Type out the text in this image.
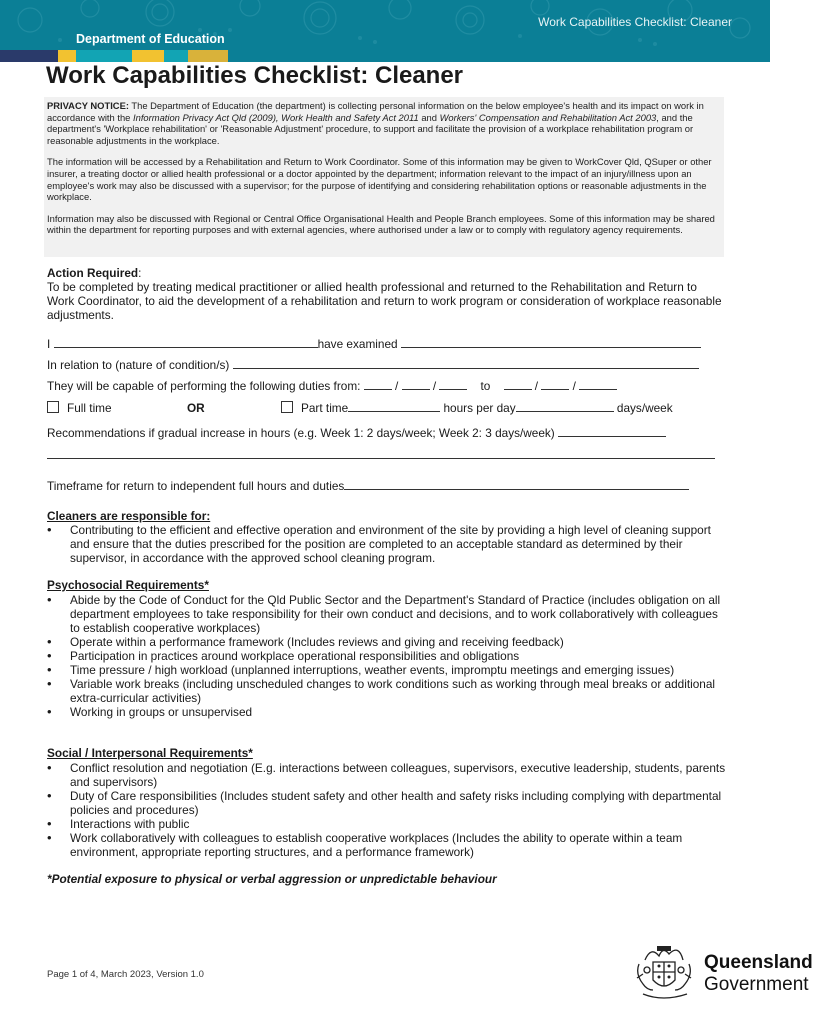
Department of Education
Work Capabilities Checklist: Cleaner
Work Capabilities Checklist: Cleaner

PRIVACY NOTICE: The Department of Education (the department) is collecting personal information on the below employee's health and its impact on work in accordance with the Information Privacy Act Qld (2009), Work Health and Safety Act 2011 and Workers' Compensation and Rehabilitation Act 2003, and the department's 'Workplace rehabilitation' or 'Reasonable Adjustment' procedure, to support and facilitate the provision of a workplace rehabilitation program or reasonable adjustments in the workplace.

The information will be accessed by a Rehabilitation and Return to Work Coordinator. Some of this information may be given to WorkCover Qld, QSuper or other insurer, a treating doctor or allied health professional or a doctor appointed by the department; information relevant to the impact of an injury/illness upon an employee's work may also be discussed with a supervisor; for the purpose of identifying and considering rehabilitation options or reasonable adjustments in the workplace.

Information may also be discussed with Regional or Central Office Organisational Health and People Branch employees. Some of this information may be shared within the department for reporting purposes and with external agencies, where authorised under a law or to comply with regulatory agency requirements.

Action Required:
To be completed by treating medical practitioner or allied health professional and returned to the Rehabilitation and Return to Work Coordinator, to aid the development of a rehabilitation and return to work program or consideration of workplace reasonable adjustments.
I	have examined
In relation to (nature of condition/s)
They will be capable of performing the following duties from:	/	/	to	/	/
Full time	OR	Part time	hours per day	days/week
Recommendations if gradual increase in hours (e.g. Week 1: 2 days/week; Week 2: 3 days/week)
Timeframe for return to independent full hours and duties
Cleaners are responsible for:
• Contributing to the efficient and effective operation and environment of the site by providing a high level of cleaning support and ensure that the duties prescribed for the position are completed to an acceptable standard as determined by their supervisor, in accordance with the approved school cleaning program.
Psychosocial Requirements*
• Abide by the Code of Conduct for the Qld Public Sector and the Department's Standard of Practice (includes obligation on all department employees to take responsibility for their own conduct and decisions, and to work collaboratively with colleagues to establish cooperative workplaces)
• Operate within a performance framework (Includes reviews and giving and receiving feedback)
• Participation in practices around workplace operational responsibilities and obligations
• Time pressure / high workload (unplanned interruptions, weather events, impromptu meetings and emerging issues)
• Variable work breaks (including unscheduled changes to work conditions such as working through meal breaks or additional extra-curricular activities)
• Working in groups or unsupervised
Social / Interpersonal Requirements*
• Conflict resolution and negotiation (E.g. interactions between colleagues, supervisors, executive leadership, students, parents and supervisors)
• Duty of Care responsibilities (Includes student safety and other health and safety risks including complying with departmental policies and procedures)
• Interactions with public
• Work collaboratively with colleagues to establish cooperative workplaces (Includes the ability to operate within a team environment, appropriate reporting structures, and a performance framework)
*Potential exposure to physical or verbal aggression or unpredictable behaviour
Page 1 of 4, March 2023, Version 1.0
Queensland
Government
